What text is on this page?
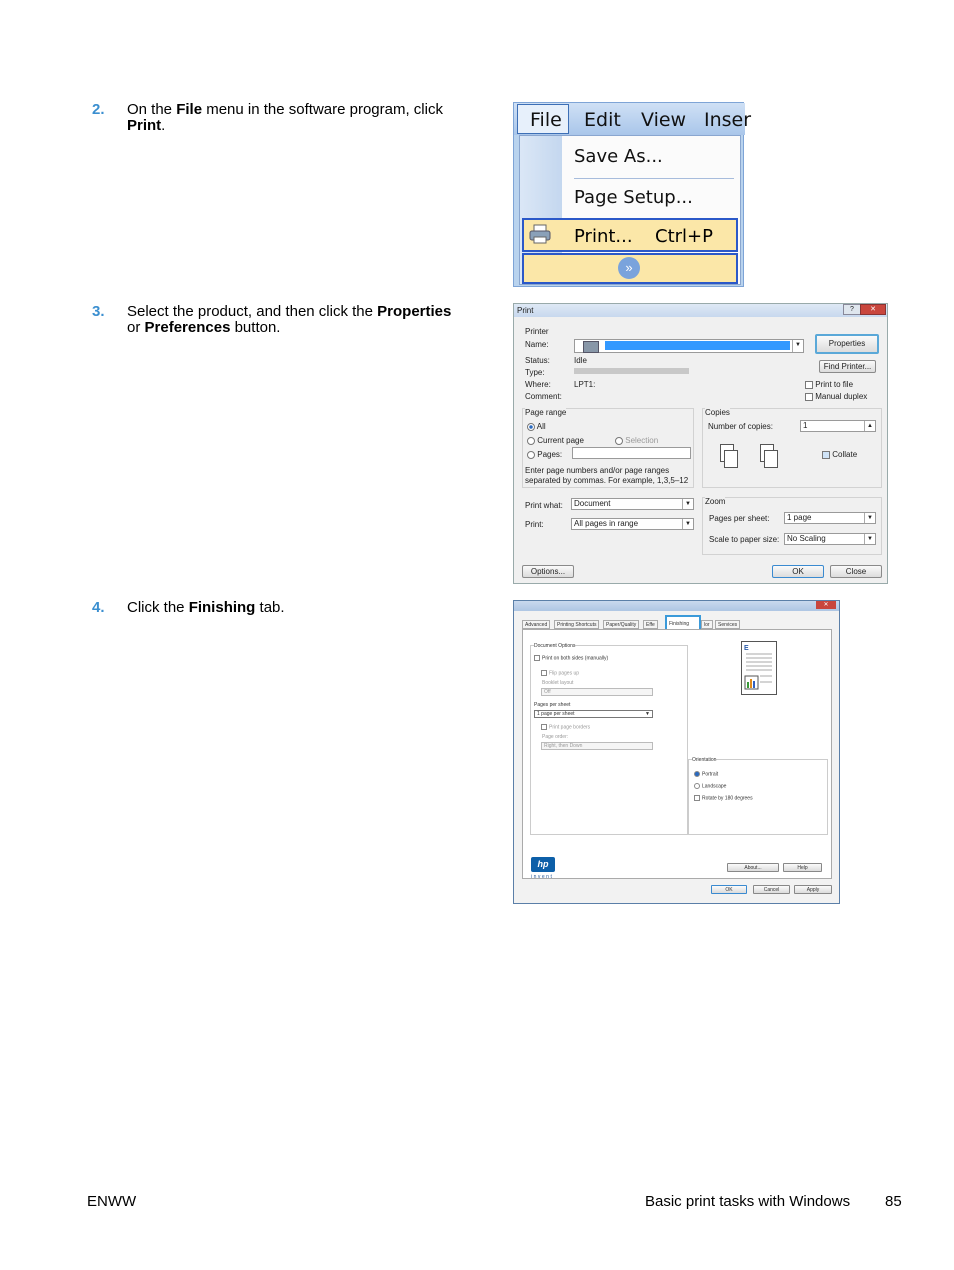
2. On the File menu in the software program, click Print.
3. Select the product, and then click the Properties or Preferences button.
4. Click the Finishing tab.
File Edit View Inser
Save As...
Page Setup...
Print... Ctrl+P
»
Print	?	✕
Printer
Name:	▼	Properties
Status:	Idle
Type:
Where:	LPT1:
Comment:
Find Printer...
Print to file
Manual duplex
Page range
All
Current page	Selection
Pages:
Enter page numbers and/or page ranges
separated by commas. For example, 1,3,5–12
Copies
Number of copies:	1	▲
Collate
Print what:	Document	▼
Print:	All pages in range	▼
Zoom
Pages per sheet:	1 page	▼
Scale to paper size: No Scaling	▼
Options...	OK	Close
✕
Advanced	Printing Shortcuts	Paper/Quality	Effe	Finishing	lor	Services
Document Options
Print on both sides (manually)
Flip pages up
Booklet layout
Off
Pages per sheet
1 page per sheet	▼
Print page borders
Page order:
Right, then Down
E
Orientation
Portrait
Landscape
Rotate by 180 degrees
hp
invent
About...	Help
OK	Cancel	Apply
ENWW	Basic print tasks with Windows 85
